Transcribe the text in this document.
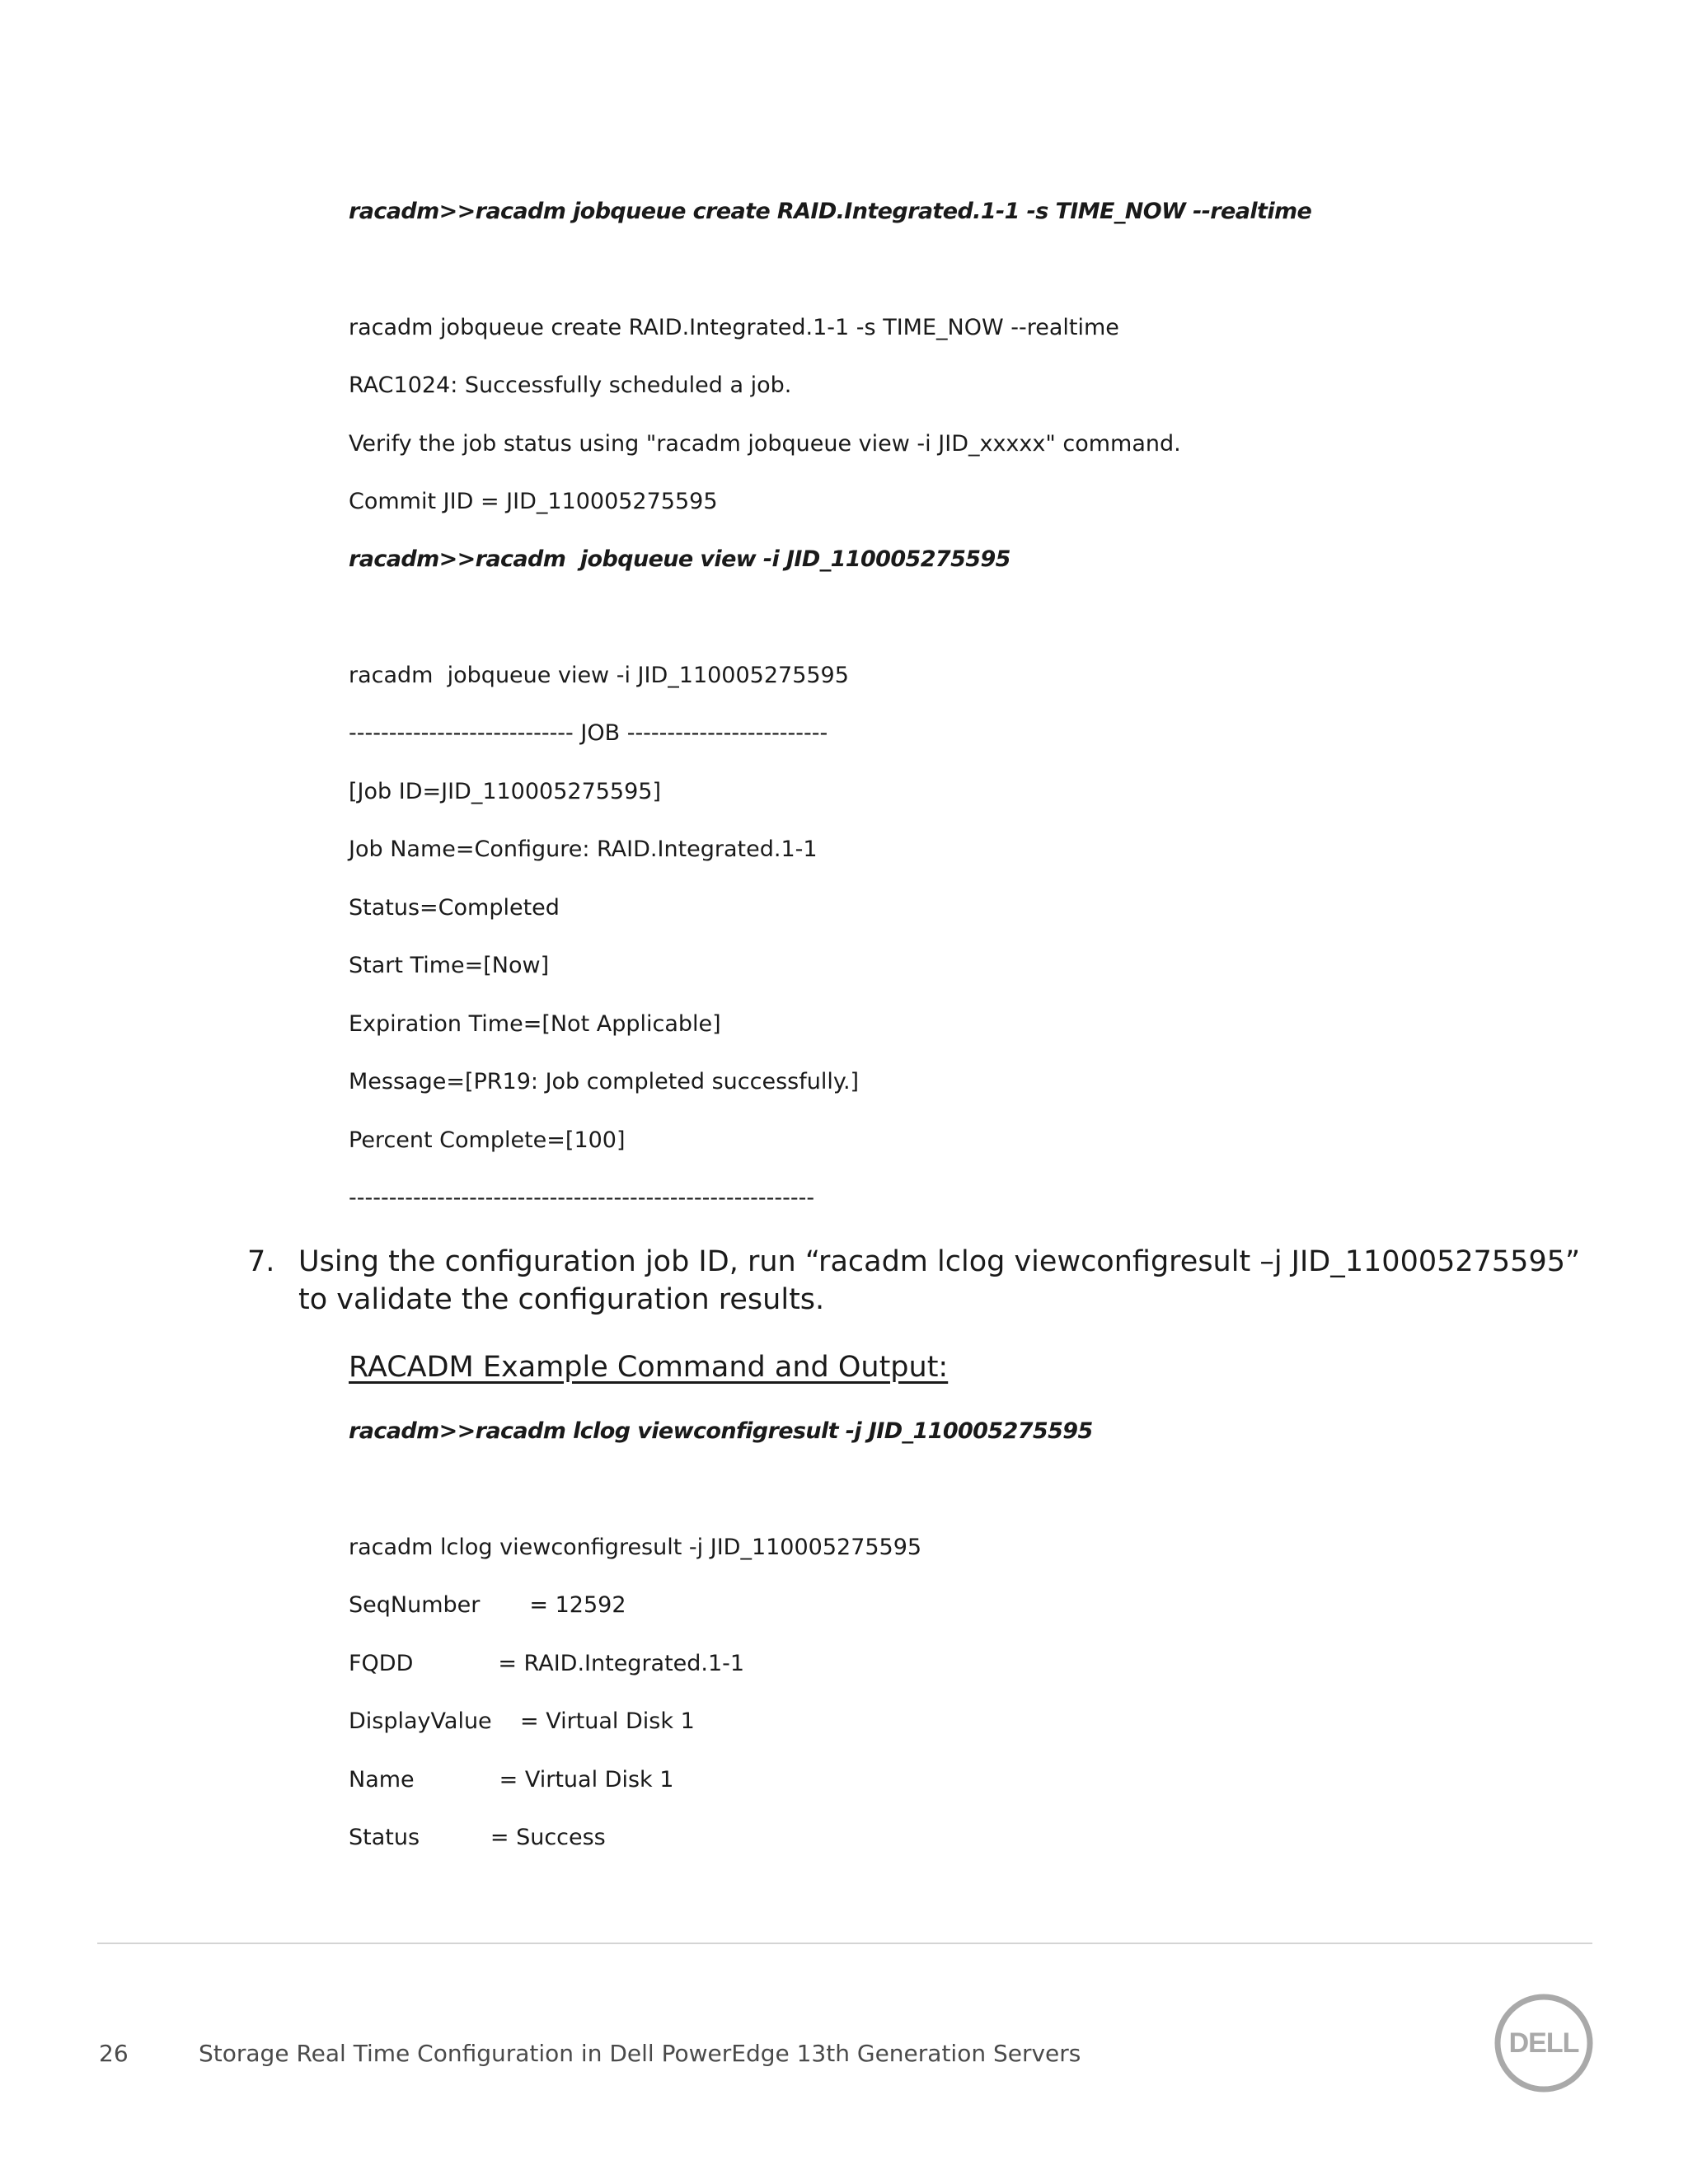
racadm>>racadm jobqueue create RAID.Integrated.1-1 -s TIME_NOW --realtime
racadm jobqueue create RAID.Integrated.1-1 -s TIME_NOW --realtime
RAC1024: Successfully scheduled a job.
Verify the job status using "racadm jobqueue view -i JID_xxxxx" command.
Commit JID = JID_110005275595
racadm>>racadm  jobqueue view -i JID_110005275595
racadm  jobqueue view -i JID_110005275595
---------------------------- JOB -------------------------
[Job ID=JID_110005275595]
Job Name=Configure: RAID.Integrated.1-1
Status=Completed
Start Time=[Now]
Expiration Time=[Not Applicable]
Message=[PR19: Job completed successfully.]
Percent Complete=[100]
----------------------------------------------------------
7. Using the configuration job ID, run “racadm lclog viewconfigresult –j JID_110005275595” to validate the configuration results.
RACADM Example Command and Output:
racadm>>racadm lclog viewconfigresult -j JID_110005275595
racadm lclog viewconfigresult -j JID_110005275595
SeqNumber       = 12592
FQDD            = RAID.Integrated.1-1
DisplayValue    = Virtual Disk 1
Name            = Virtual Disk 1
Status          = Success
26	Storage Real Time Configuration in Dell PowerEdge 13th Generation Servers	DELL
